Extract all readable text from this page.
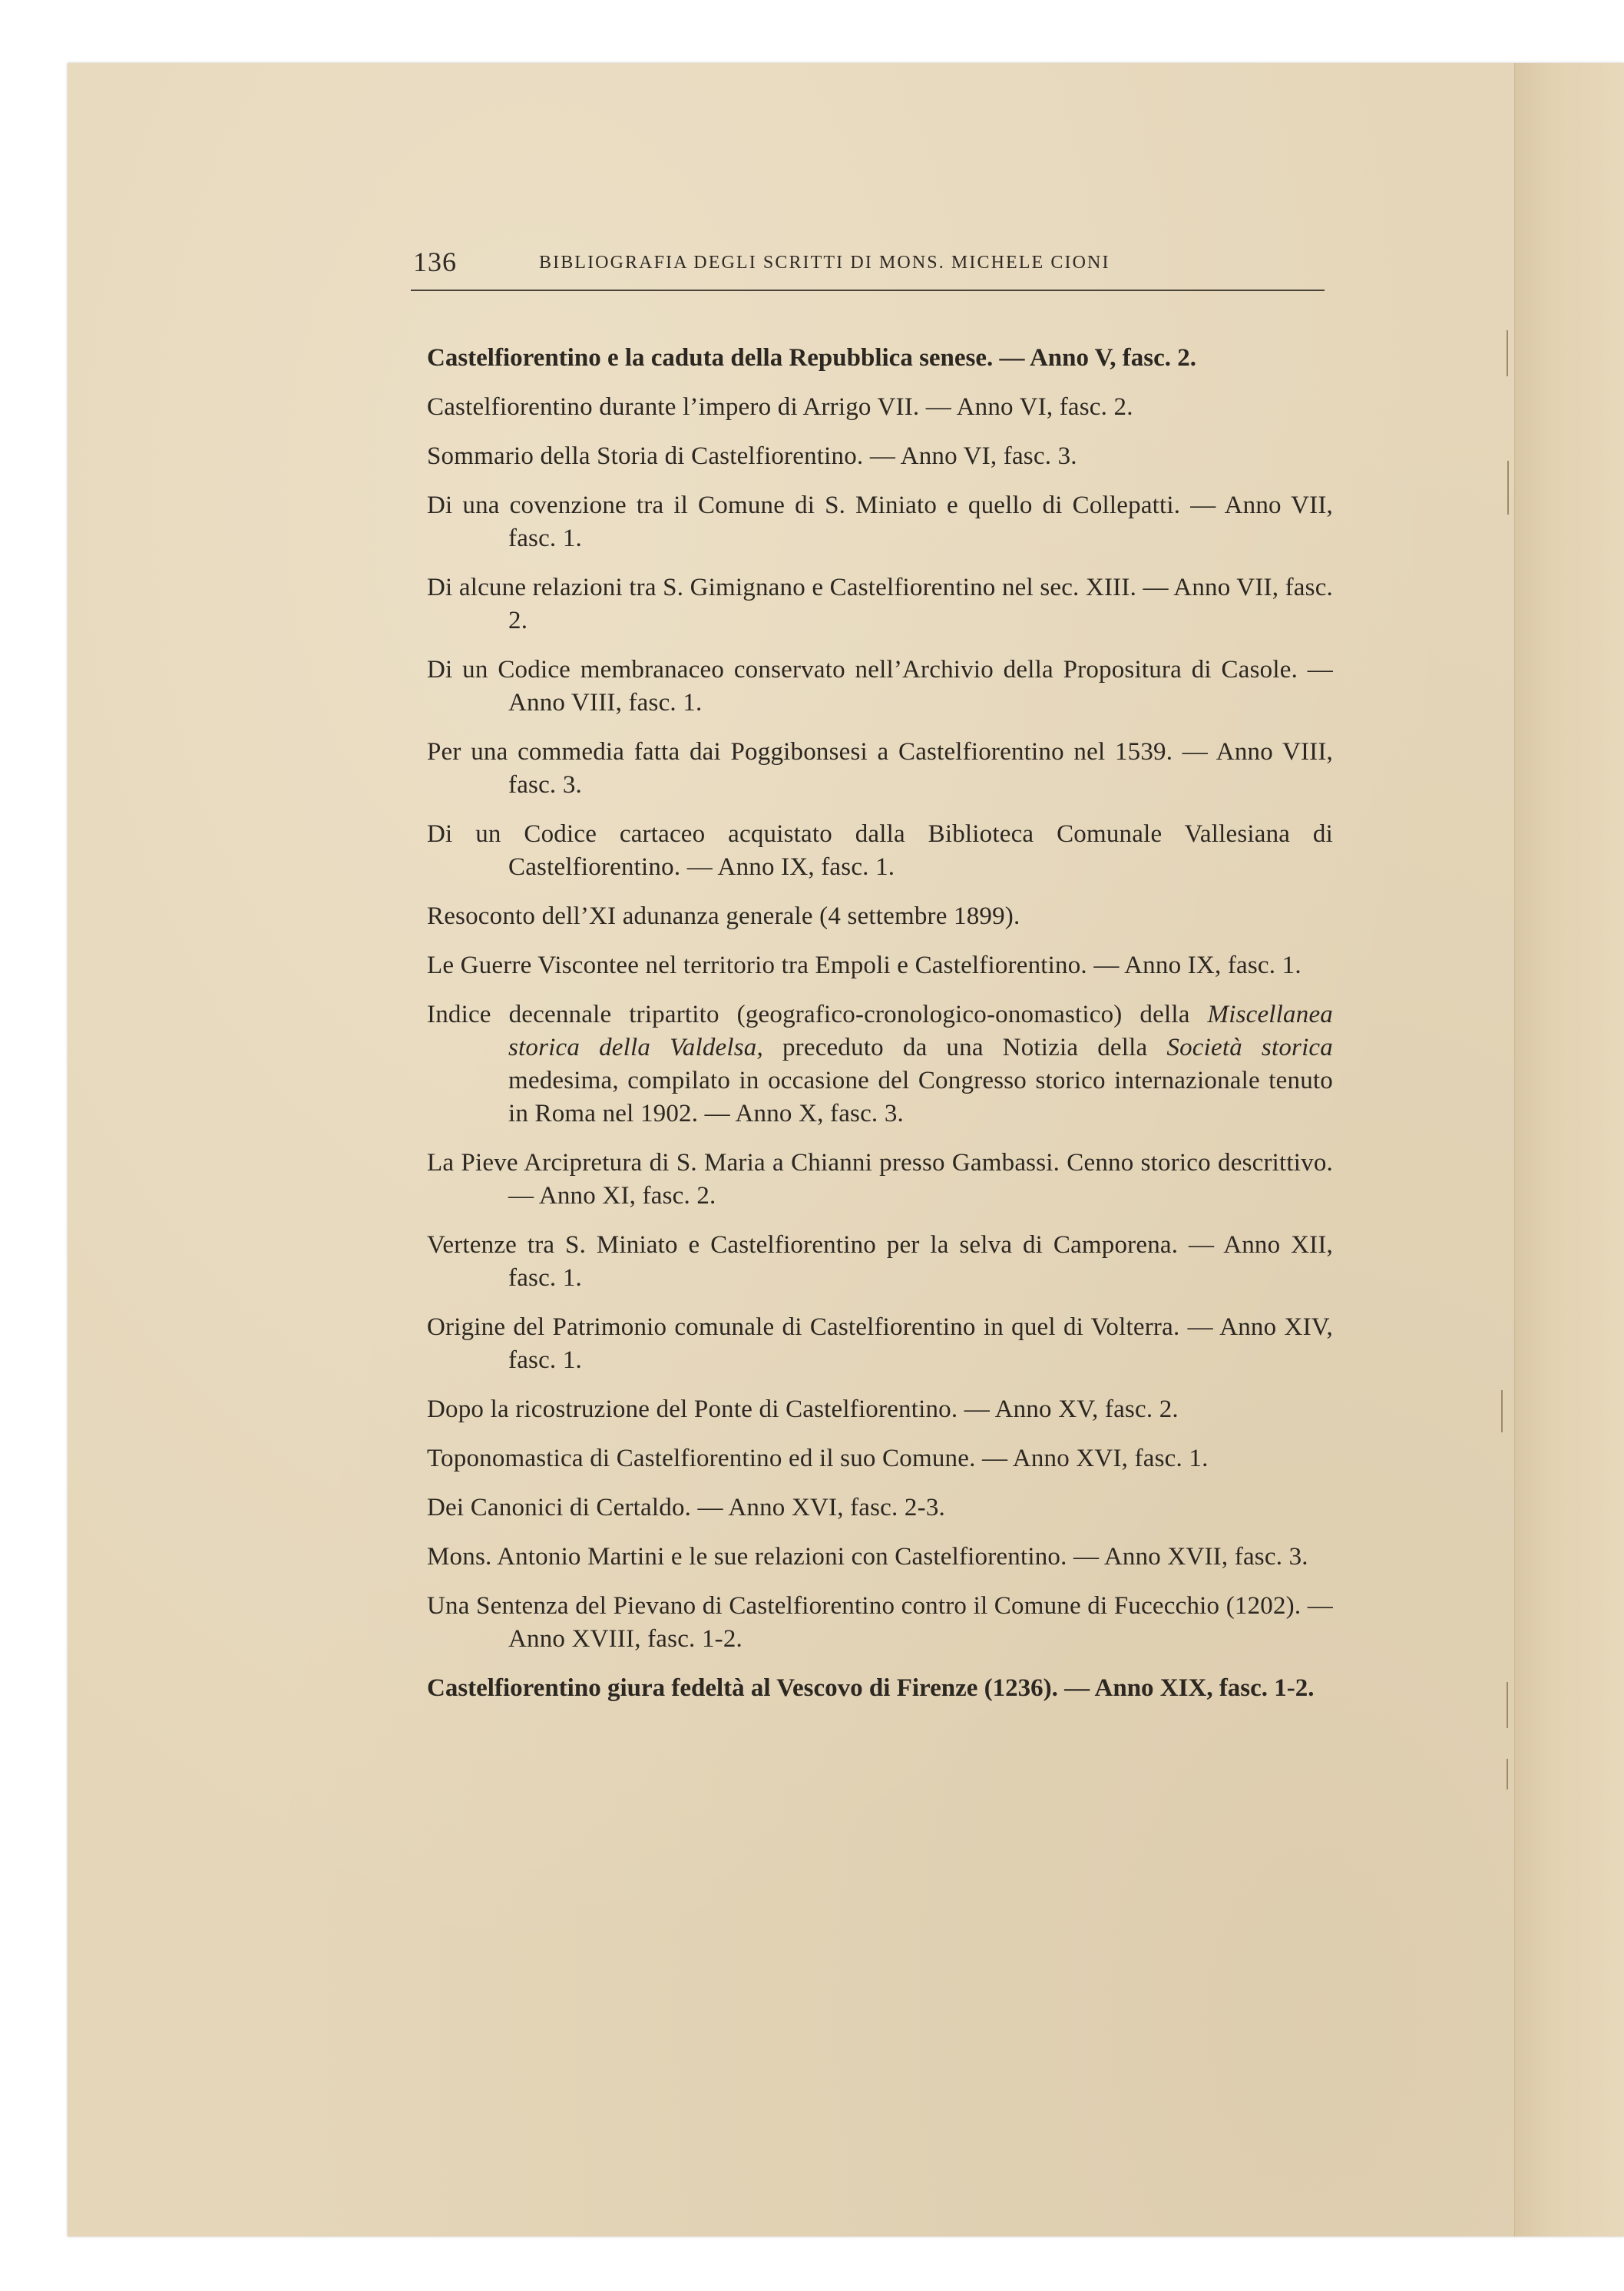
136	BIBLIOGRAFIA DEGLI SCRITTI DI MONS. MICHELE CIONI

Castelfiorentino e la caduta della Repubblica senese. — Anno V, fasc. 2.

Castelfiorentino durante l’impero di Arrigo VII. — Anno VI, fasc. 2.

Sommario della Storia di Castelfiorentino. — Anno VI, fasc. 3.

Di una covenzione tra il Comune di S. Miniato e quello di Collepatti. — Anno VII, fasc. 1.

Di alcune relazioni tra S. Gimignano e Castelfiorentino nel sec. XIII. — Anno VII, fasc. 2.

Di un Codice membranaceo conservato nell’Archivio della Propositura di Casole. — Anno VIII, fasc. 1.

Per una commedia fatta dai Poggibonsesi a Castelfiorentino nel 1539. — Anno VIII, fasc. 3.

Di un Codice cartaceo acquistato dalla Biblioteca Comunale Vallesiana di Castelfiorentino. — Anno IX, fasc. 1.

Resoconto dell’XI adunanza generale (4 settembre 1899).

Le Guerre Viscontee nel territorio tra Empoli e Castelfiorentino. — Anno IX, fasc. 1.

Indice decennale tripartito (geografico-cronologico-onomastico) della Miscellanea storica della Valdelsa, preceduto da una Notizia della Società storica medesima, compilato in occasione del Congresso storico internazionale tenuto in Roma nel 1902. — Anno X, fasc. 3.

La Pieve Arcipretura di S. Maria a Chianni presso Gambassi. Cenno storico descrittivo. — Anno XI, fasc. 2.

Vertenze tra S. Miniato e Castelfiorentino per la selva di Camporena. — Anno XII, fasc. 1.

Origine del Patrimonio comunale di Castelfiorentino in quel di Volterra. — Anno XIV, fasc. 1.

Dopo la ricostruzione del Ponte di Castelfiorentino. — Anno XV, fasc. 2.

Toponomastica di Castelfiorentino ed il suo Comune. — Anno XVI, fasc. 1.

Dei Canonici di Certaldo. — Anno XVI, fasc. 2-3.

Mons. Antonio Martini e le sue relazioni con Castelfiorentino. — Anno XVII, fasc. 3.

Una Sentenza del Pievano di Castelfiorentino contro il Comune di Fucecchio (1202). — Anno XVIII, fasc. 1-2.

Castelfiorentino giura fedeltà al Vescovo di Firenze (1236). — Anno XIX, fasc. 1-2.
